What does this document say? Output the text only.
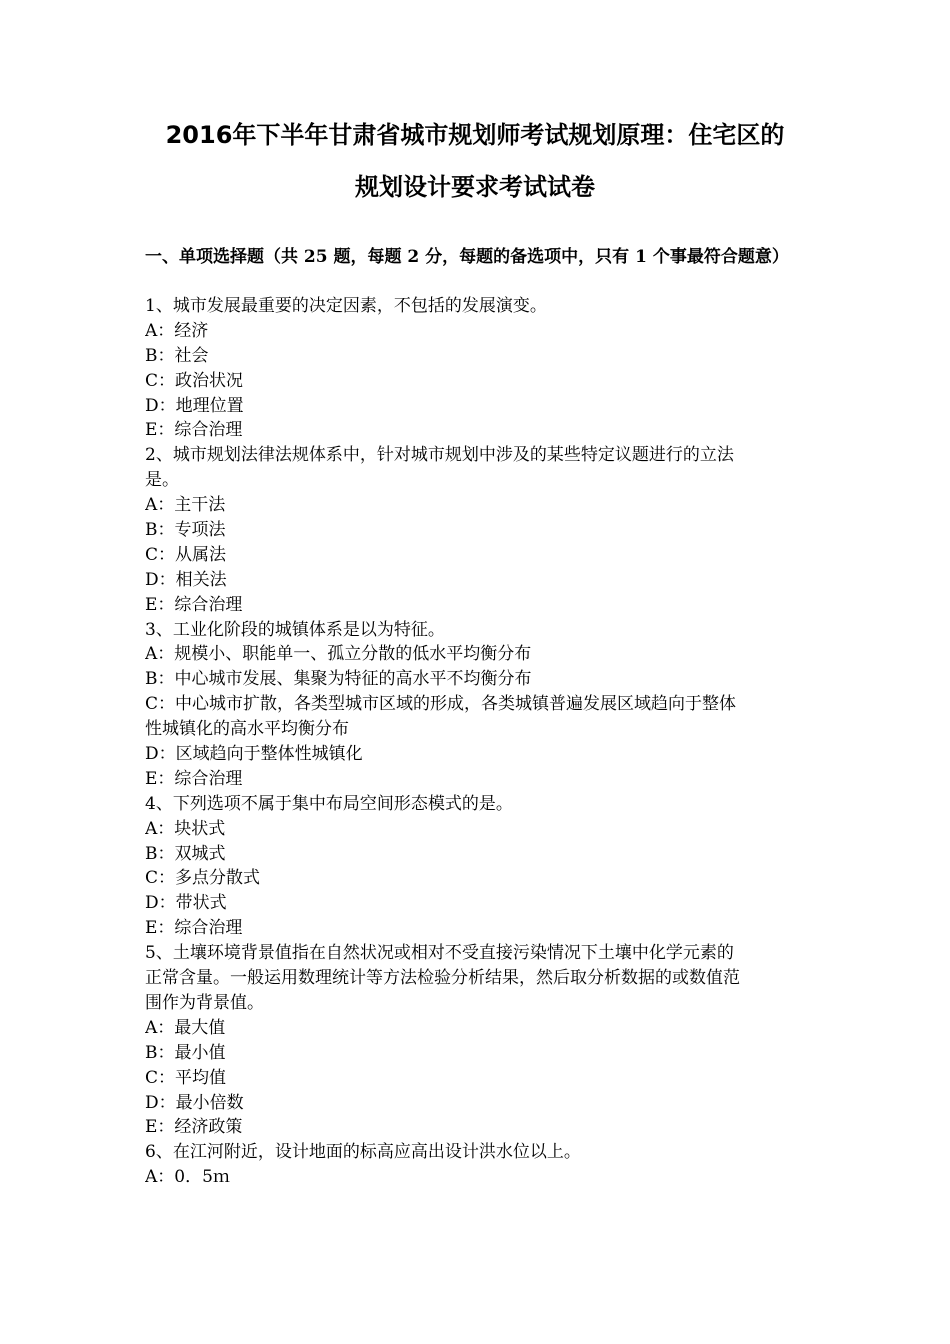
2016年下半年甘肃省城市规划师考试规划原理：住宅区的
规划设计要求考试试卷
一、单项选择题（共 25 题，每题 2 分，每题的备选项中，只有 1 个事最符合题意）
1、城市发展最重要的决定因素，不包括的发展演变。
A：经济
B：社会
C：政治状况
D：地理位置
E：综合治理
2、城市规划法律法规体系中，针对城市规划中涉及的某些特定议题进行的立法
是。
A：主干法
B：专项法
C：从属法
D：相关法
E：综合治理
3、工业化阶段的城镇体系是以为特征。
A：规模小、职能单一、孤立分散的低水平均衡分布
B：中心城市发展、集聚为特征的高水平不均衡分布
C：中心城市扩散，各类型城市区域的形成，各类城镇普遍发展区域趋向于整体
性城镇化的高水平均衡分布
D：区域趋向于整体性城镇化
E：综合治理
4、下列选项不属于集中布局空间形态模式的是。
A：块状式
B：双城式
C：多点分散式
D：带状式
E：综合治理
5、土壤环境背景值指在自然状况或相对不受直接污染情况下土壤中化学元素的
正常含量。一般运用数理统计等方法检验分析结果，然后取分析数据的或数值范
围作为背景值。
A：最大值
B：最小值
C：平均值
D：最小倍数
E：经济政策
6、在江河附近，设计地面的标高应高出设计洪水位以上。
A：0．5ｍ
